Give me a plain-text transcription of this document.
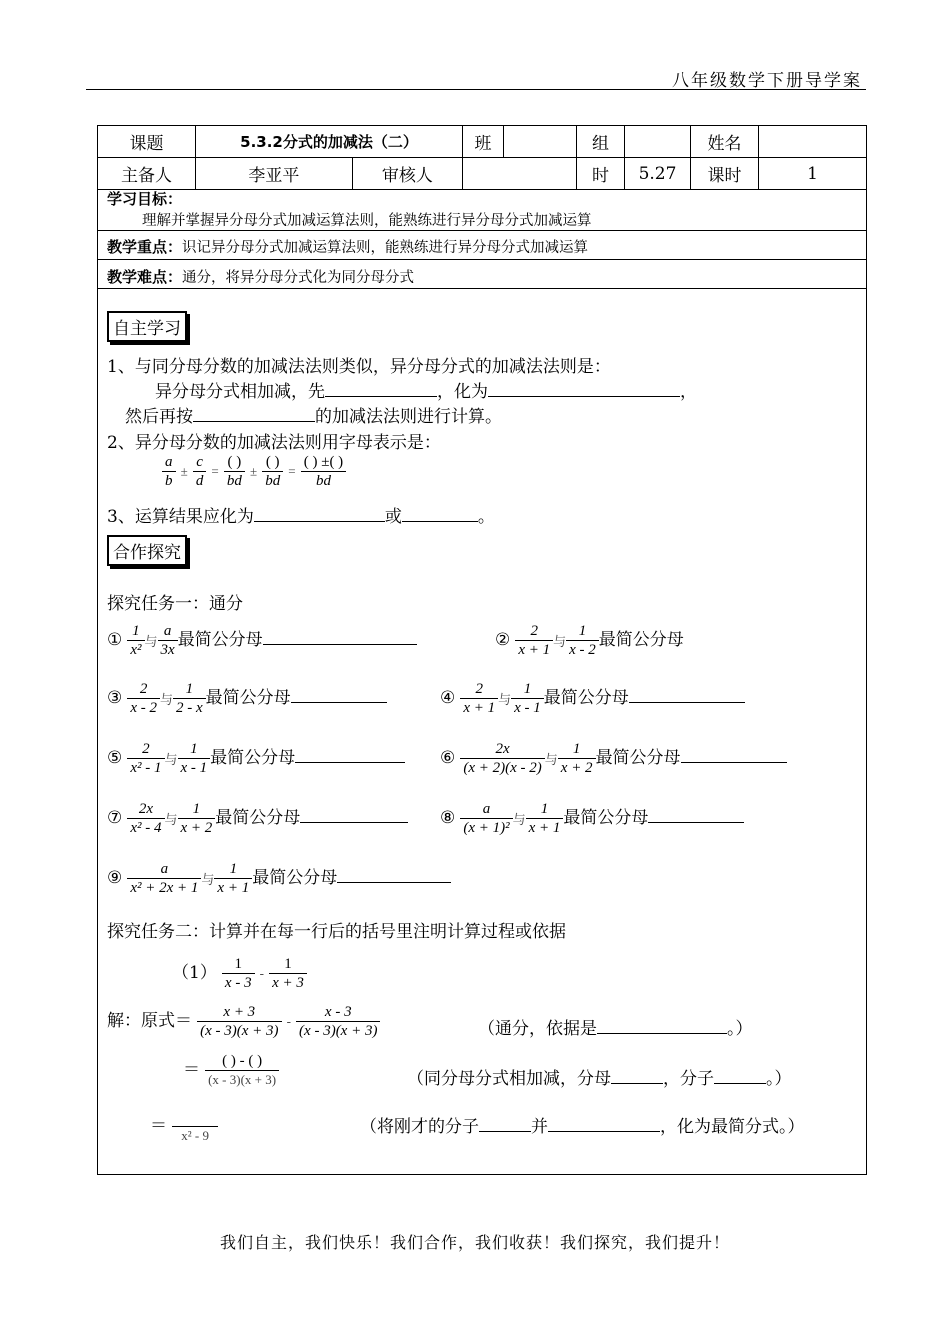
八年级数学下册导学案
课题	5.3.2分式的加减法（二）		班		组		姓名	
主备人	李亚平	审核人			时	5.27	课时	1
学习目标：
理解并掌握异分母分式加减运算法则，能熟练进行异分母分式加减运算
教学重点：识记异分母分式加减运算法则，能熟练进行异分母分式加减运算
教学难点：通分，将异分母分式化为同分母分式
自主学习
1、与同分母分数的加减法法则类似，异分母分式的加减法法则是：
异分母分式相加减，先	，化为	，
然后再按	的加减法法则进行计算。
2、异分母分数的加减法法则用字母表示是：
$\frac{a}{b} \pm \frac{c}{d} = \frac{( )}{bd} \pm \frac{( )}{bd} = \frac{( ) \pm( )}{bd}$
3、运算结果应化为	或	。
合作探究
探究任务一：通分
① $\frac{1}{\text{x²}}$ 与 $\frac{a}{3x}$ 最简公分母	② $\frac{2}{x + 1}$ 与 $\frac{1}{x - 2}$ 最简公分母
③ $\frac{2}{x - 2}$ 与 $\frac{1}{2 - x}$ 最简公分母	④ $\frac{2}{x + 1}$ 与 $\frac{1}{x - 1}$ 最简公分母
⑤ $\frac{2}{\text{x² - 1}}$ 与 $\frac{1}{x - 1}$ 最简公分母	⑥ $\frac{2x}{(x + 2)(x - 2)}$ 与 $\frac{1}{x + 2}$ 最简公分母
⑦ $\frac{2x}{\text{x² - 4}}$ 与 $\frac{1}{x + 2}$ 最简公分母	⑧ $\frac{a}{\text{(x + 1)²}}$ 与 $\frac{1}{x + 1}$ 最简公分母
⑨ $\frac{a}{\text{x² + 2x + 1}}$ 与 $\frac{1}{x + 1}$ 最简公分母
探究任务二：计算并在每一行后的括号里注明计算过程或依据
$(1) \frac{1}{x - 3} - \frac{1}{x + 3}$
解：原式＝ $\frac{x + 3}{(x - 3)(x + 3)} - \frac{x - 3}{(x - 3)(x + 3)}$	（通分，依据是	。）
＝ $\frac{( ) - ( )}{(x - 3)(x + 3)}$	（同分母分式相加减，分母	，分子	。）
＝	x² - 9	（将刚才的分子	并	，化为最简分式。）
我们自主，我们快乐！我们合作，我们收获！我们探究，我们提升！
